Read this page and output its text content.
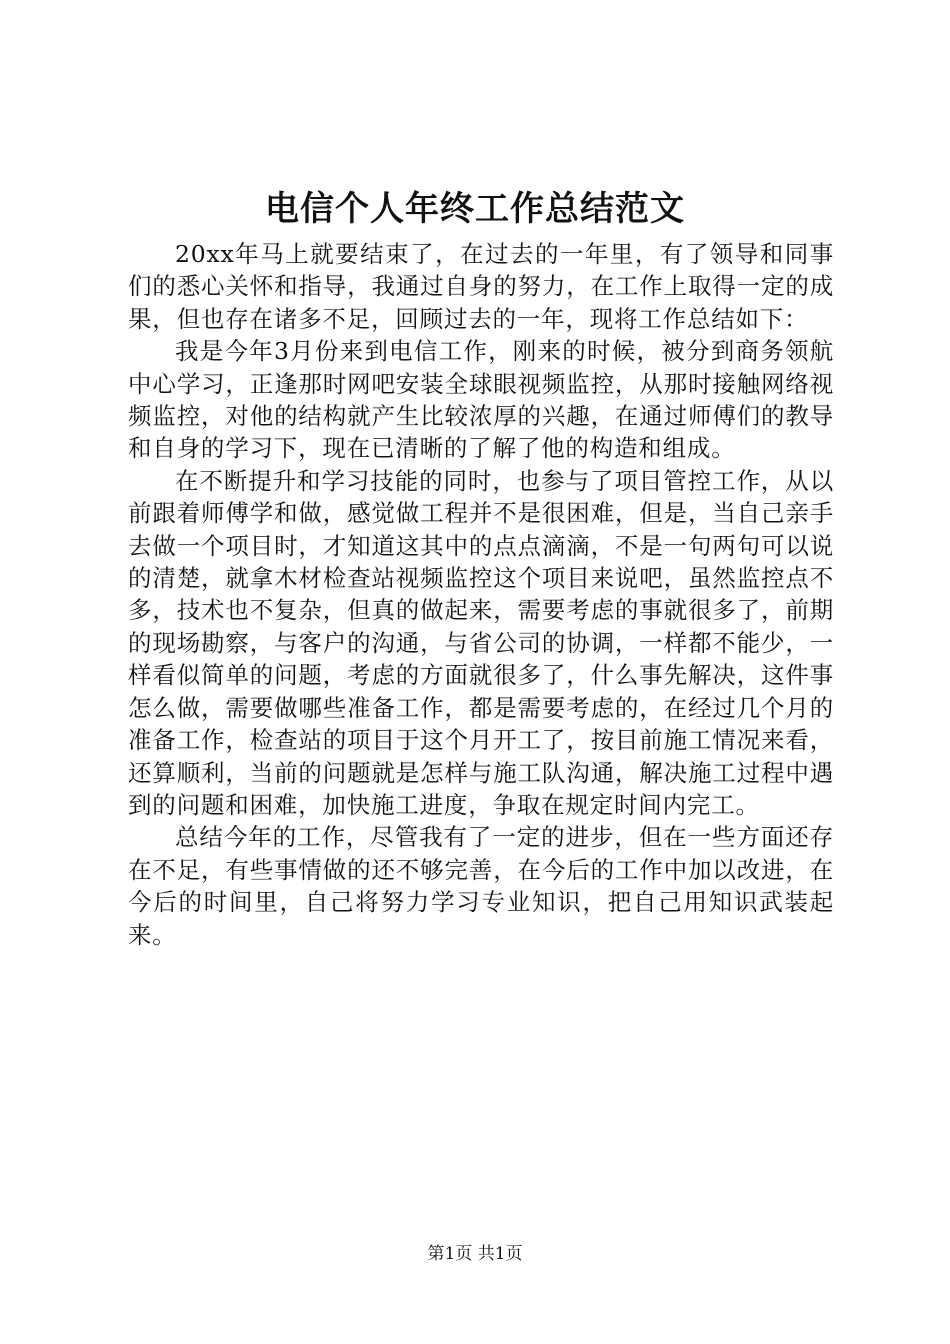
电信个人年终工作总结范文

20xx年马上就要结束了，在过去的一年里，有了领导和同事们的悉心关怀和指导，我通过自身的努力，在工作上取得一定的成果，但也存在诸多不足，回顾过去的一年，现将工作总结如下：

我是今年3月份来到电信工作，刚来的时候，被分到商务领航中心学习，正逢那时网吧安装全球眼视频监控，从那时接触网络视频监控，对他的结构就产生比较浓厚的兴趣，在通过师傅们的教导和自身的学习下，现在已清晰的了解了他的构造和组成。

在不断提升和学习技能的同时，也参与了项目管控工作，从以前跟着师傅学和做，感觉做工程并不是很困难，但是，当自己亲手去做一个项目时，才知道这其中的点点滴滴，不是一句两句可以说的清楚，就拿木材检查站视频监控这个项目来说吧，虽然监控点不多，技术也不复杂，但真的做起来，需要考虑的事就很多了，前期的现场勘察，与客户的沟通，与省公司的协调，一样都不能少，一样看似简单的问题，考虑的方面就很多了，什么事先解决，这件事怎么做，需要做哪些准备工作，都是需要考虑的，在经过几个月的准备工作，检查站的项目于这个月开工了，按目前施工情况来看，还算顺利，当前的问题就是怎样与施工队沟通，解决施工过程中遇到的问题和困难，加快施工进度，争取在规定时间内完工。

总结今年的工作，尽管我有了一定的进步，但在一些方面还存在不足，有些事情做的还不够完善，在今后的工作中加以改进，在今后的时间里，自己将努力学习专业知识，把自己用知识武装起来。

第1页 共1页
